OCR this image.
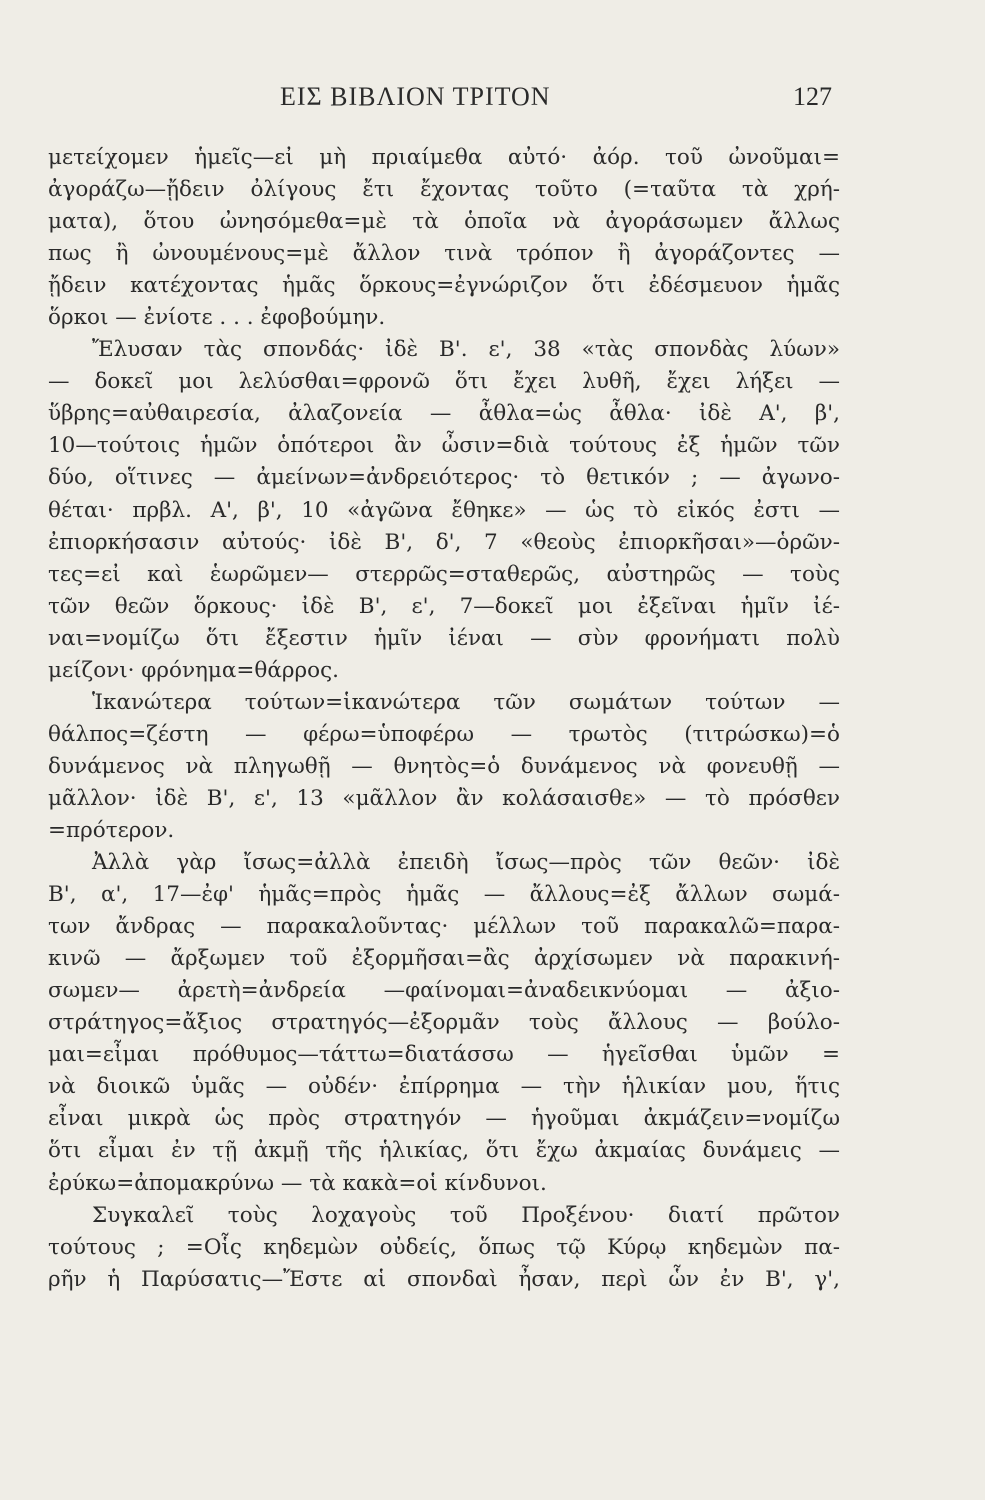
ΕΙΣ ΒΙΒΛΙΟΝ ΤΡΙΤΟΝ	127
μετείχομεν ἡμεῖς—εἰ μὴ πριαίμεθα αὐτό· ἀόρ. τοῦ ὠνοῦμαι=
ἀγοράζω—ᾔδειν ὀλίγους ἔτι ἔχοντας τοῦτο (=ταῦτα τὰ χρή-
ματα), ὅτου ὠνησόμεθα=μὲ τὰ ὁποῖα νὰ ἀγοράσωμεν ἄλλως
πως ἢ ὠνουμένους=μὲ ἄλλον τινὰ τρόπον ἢ ἀγοράζοντες —
ᾔδειν κατέχοντας ἡμᾶς ὅρκους=ἐγνώριζον ὅτι ἐδέσμευον ἡμᾶς
ὅρκοι — ἐνίοτε . . . ἐφοβούμην.
Ἔλυσαν τὰς σπονδάς· ἰδὲ Β'. ε', 38 «τὰς σπονδὰς λύων»
— δοκεῖ μοι λελύσθαι=φρονῶ ὅτι ἔχει λυθῆ, ἔχει λήξει —
ὕβρης=αὐθαιρεσία, ἀλαζονεία — ἆθλα=ὡς ἆθλα· ἰδὲ Α', β',
10—τούτοις ἡμῶν ὁπότεροι ἂν ὦσιν=διὰ τούτους ἐξ ἡμῶν τῶν
δύο, οἵτινες — ἀμείνων=ἀνδρειότερος· τὸ θετικόν ; — ἀγωνο-
θέται· πρβλ. Α', β', 10 «ἀγῶνα ἔθηκε» — ὡς τὸ εἰκός ἐστι —
ἐπιορκήσασιν αὐτούς· ἰδὲ Β', δ', 7 «θεοὺς ἐπιορκῆσαι»—ὁρῶν-
τες=εἰ καὶ ἑωρῶμεν— στερρῶς=σταθερῶς, αὐστηρῶς — τοὺς
τῶν θεῶν ὅρκους· ἰδὲ Β', ε', 7—δοκεῖ μοι ἐξεῖναι ἡμῖν ἰέ-
ναι=νομίζω ὅτι ἔξεστιν ἡμῖν ἰέναι — σὺν φρονήματι πολὺ
μείζονι· φρόνημα=θάρρος.
Ἱκανώτερα τούτων=ἱκανώτερα τῶν σωμάτων τούτων —
θάλπος=ζέστη — φέρω=ὑποφέρω — τρωτὸς (τιτρώσκω)=ὁ
δυνάμενος νὰ πληγωθῇ — θνητὸς=ὁ δυνάμενος νὰ φονευθῇ —
μᾶλλον· ἰδὲ Β', ε', 13 «μᾶλλον ἂν κολάσαισθε» — τὸ πρόσθεν
=πρότερον.
Ἀλλὰ γὰρ ἴσως=ἀλλὰ ἐπειδὴ ἴσως—πρὸς τῶν θεῶν· ἰδὲ
Β', α', 17—ἐφ' ἡμᾶς=πρὸς ἡμᾶς — ἄλλους=ἐξ ἄλλων σωμά-
των ἄνδρας — παρακαλοῦντας· μέλλων τοῦ παρακαλῶ=παρα-
κινῶ — ἄρξωμεν τοῦ ἐξορμῆσαι=ἂς ἀρχίσωμεν νὰ παρακινή-
σωμεν— ἀρετὴ=ἀνδρεία —φαίνομαι=ἀναδεικνύομαι — ἀξιο-
στράτηγος=ἄξιος στρατηγός—ἐξορμᾶν τοὺς ἄλλους — βούλο-
μαι=εἶμαι πρόθυμος—τάττω=διατάσσω — ἡγεῖσθαι ὑμῶν =
νὰ διοικῶ ὑμᾶς — οὐδέν· ἐπίρρημα — τὴν ἡλικίαν μου, ἥτις
εἶναι μικρὰ ὡς πρὸς στρατηγόν — ἡγοῦμαι ἀκμάζειν=νομίζω
ὅτι εἶμαι ἐν τῇ ἀκμῇ τῆς ἡλικίας, ὅτι ἔχω ἀκμαίας δυνάμεις —
ἐρύκω=ἀπομακρύνω — τὰ κακὰ=οἱ κίνδυνοι.
Συγκαλεῖ τοὺς λοχαγοὺς τοῦ Προξένου· διατί πρῶτον
τούτους ; =Οἷς κηδεμὼν οὐδείς, ὅπως τῷ Κύρῳ κηδεμὼν πα-
ρῆν ἡ Παρύσατις—Ἔστε αἱ σπονδαὶ ἦσαν, περὶ ὧν ἐν Β', γ',
